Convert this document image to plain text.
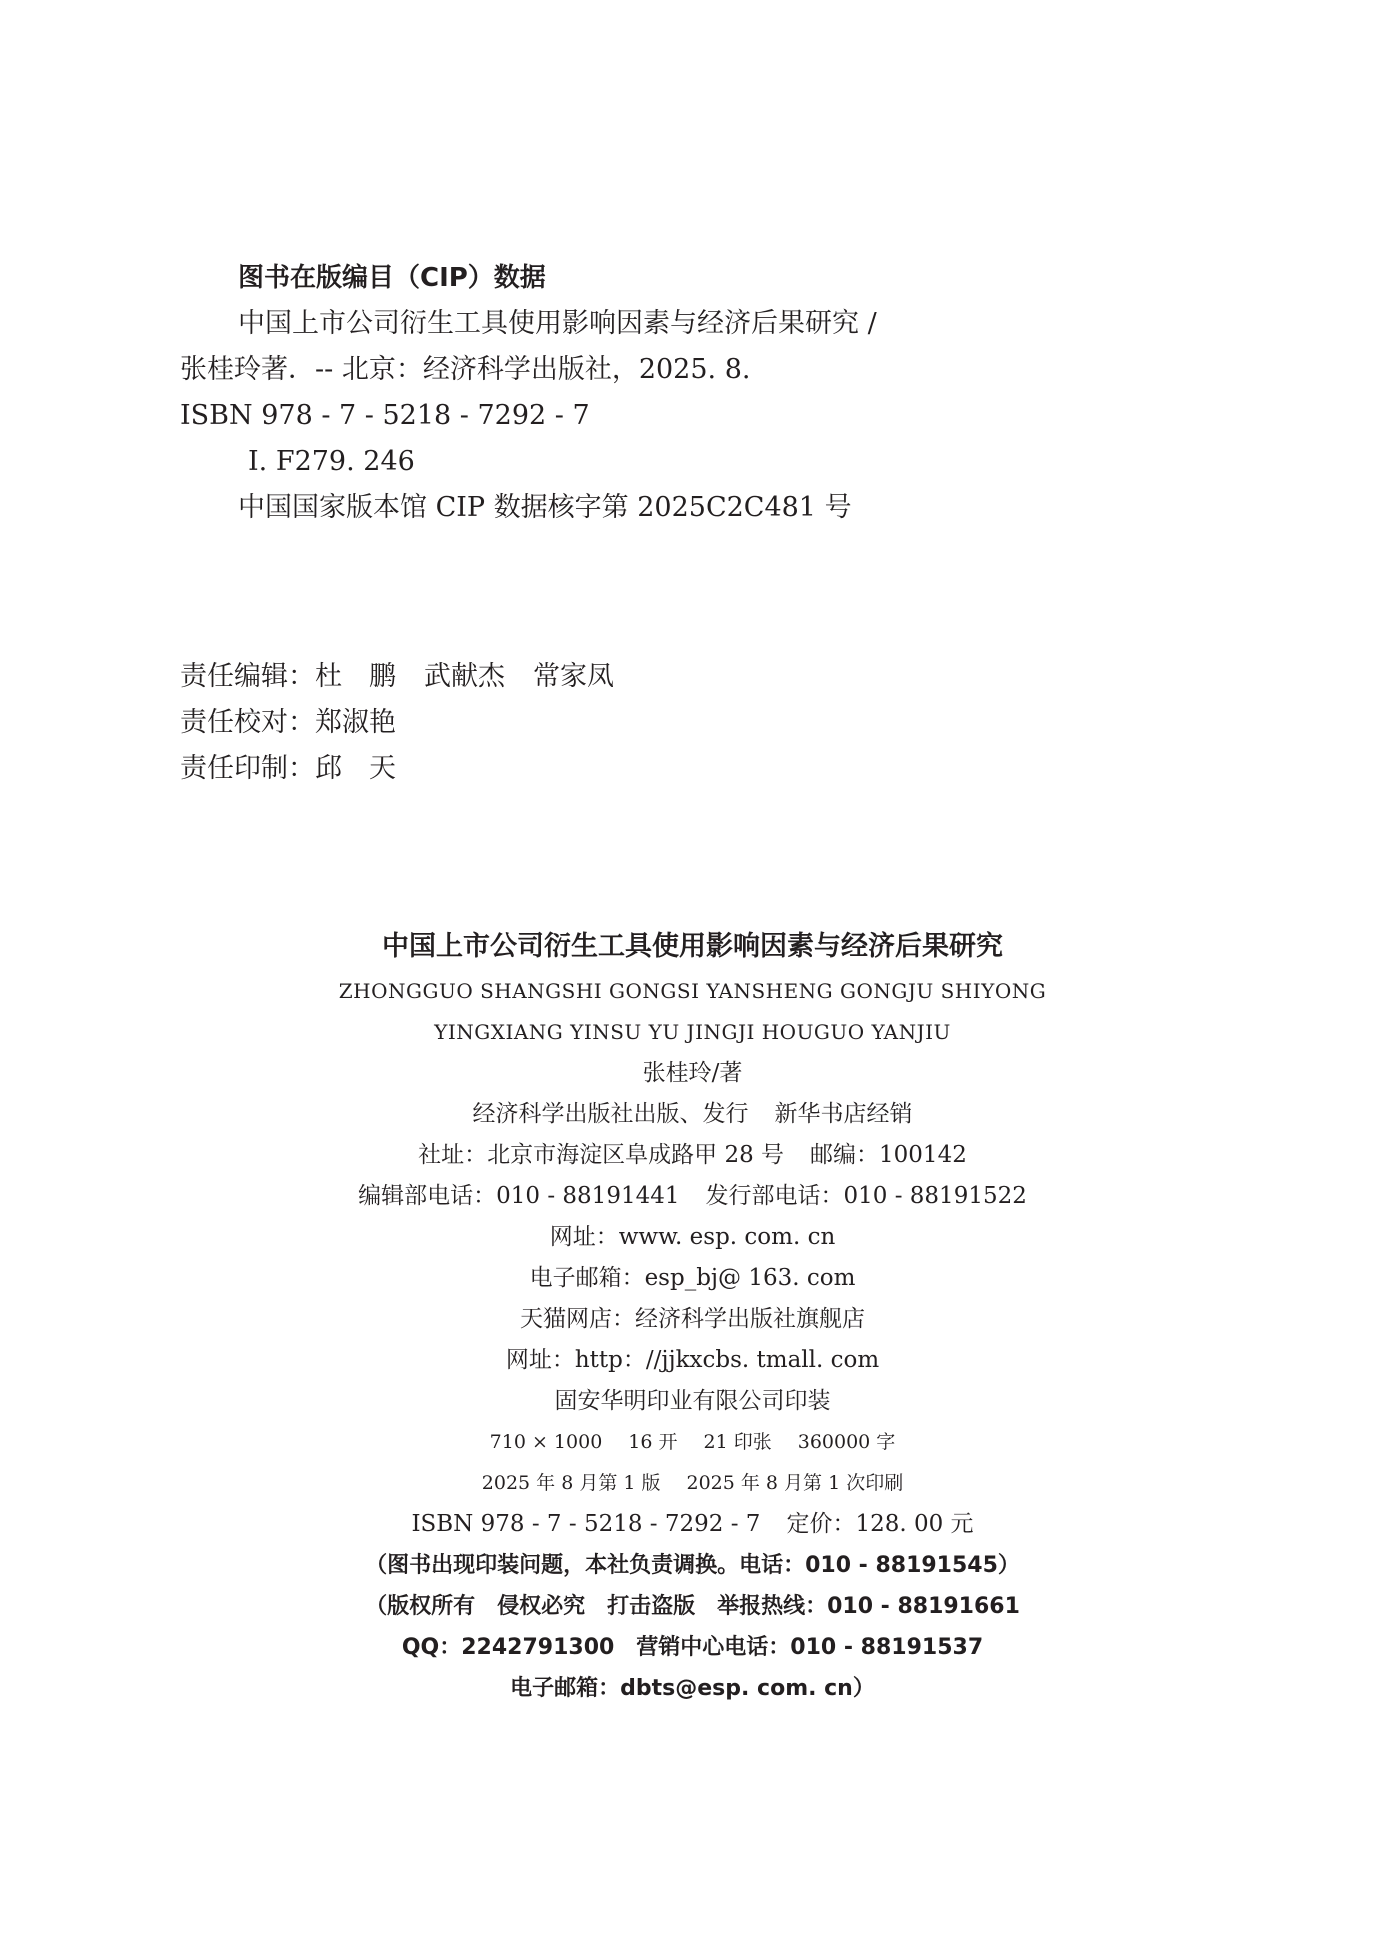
图书在版编目（CIP）数据
中国上市公司衍生工具使用影响因素与经济后果研究 /
张桂玲著．-- 北京：经济科学出版社，2025. 8.
ISBN 978 - 7 - 5218 - 7292 - 7
Ⅰ. F279. 246
中国国家版本馆 CIP 数据核字第 2025C2C481 号
责任编辑：杜　鹏 武献杰 常家凤
责任校对：郑淑艳
责任印制：邱　天
中国上市公司衍生工具使用影响因素与经济后果研究
ZHONGGUO SHANGSHI GONGSI YANSHENG GONGJU SHIYONG
YINGXIANG YINSU YU JINGJI HOUGUO YANJIU
张桂玲/著
经济科学出版社出版、发行 新华书店经销
社址：北京市海淀区阜成路甲 28 号 邮编：100142
编辑部电话：010 - 88191441 发行部电话：010 - 88191522
网址：www. esp. com. cn
电子邮箱：esp_bj@ 163. com
天猫网店：经济科学出版社旗舰店
网址：http：//jjkxcbs. tmall. com
固安华明印业有限公司印装
710 × 1000 16 开 21 印张 360000 字
2025 年 8 月第 1 版 2025 年 8 月第 1 次印刷
ISBN 978 - 7 - 5218 - 7292 - 7 定价：128. 00 元
（图书出现印装问题，本社负责调换。电话：010 - 88191545）
（版权所有　侵权必究　打击盗版　举报热线：010 - 88191661
QQ：2242791300　营销中心电话：010 - 88191537
电子邮箱：dbts@esp. com. cn）
